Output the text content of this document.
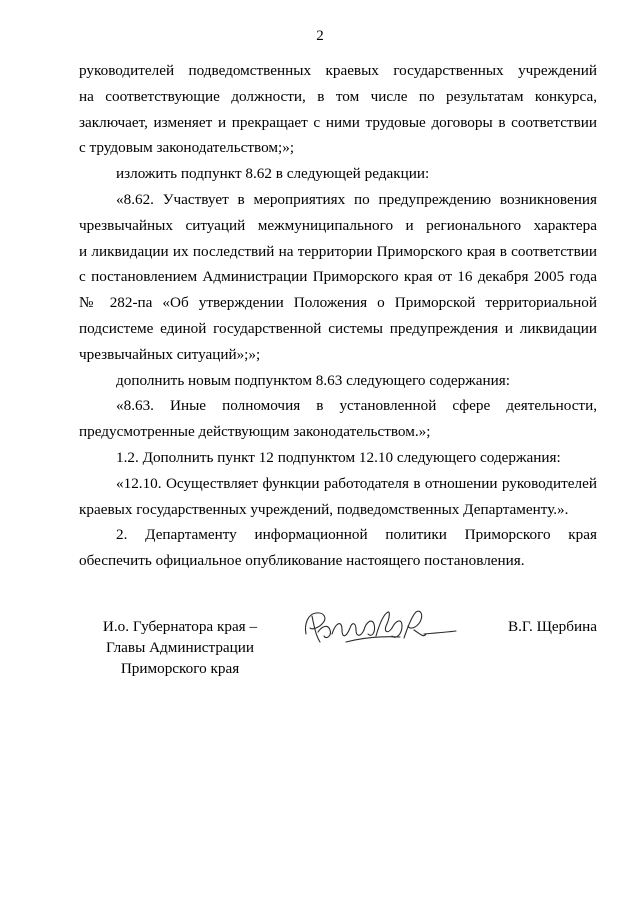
2

руководителей подведомственных краевых государственных учреждений
на соответствующие должности, в том числе по результатам конкурса,
заключает, изменяет и прекращает с ними трудовые договоры в соответствии
с трудовым законодательством;»;

изложить подпункт 8.62 в следующей редакции:

«8.62. Участвует в мероприятиях по предупреждению возникновения
чрезвычайных ситуаций межмуниципального и регионального характера
и ликвидации их последствий на территории Приморского края в соответствии
с постановлением Администрации Приморского края от 16 декабря 2005 года
№ 282-па «Об утверждении Положения о Приморской территориальной
подсистеме единой государственной системы предупреждения и ликвидации
чрезвычайных ситуаций»;»;

дополнить новым подпунктом 8.63 следующего содержания:

«8.63. Иные полномочия в установленной сфере деятельности,
предусмотренные действующим законодательством.»;

1.2. Дополнить пункт 12 подпунктом 12.10 следующего содержания:

«12.10. Осуществляет функции работодателя в отношении руководителей
краевых государственных учреждений, подведомственных Департаменту.».

2. Департаменту информационной политики Приморского края
обеспечить официальное опубликование настоящего постановления.

И.о. Губернатора края –
Главы Администрации
Приморского края
В.Г. Щербина
